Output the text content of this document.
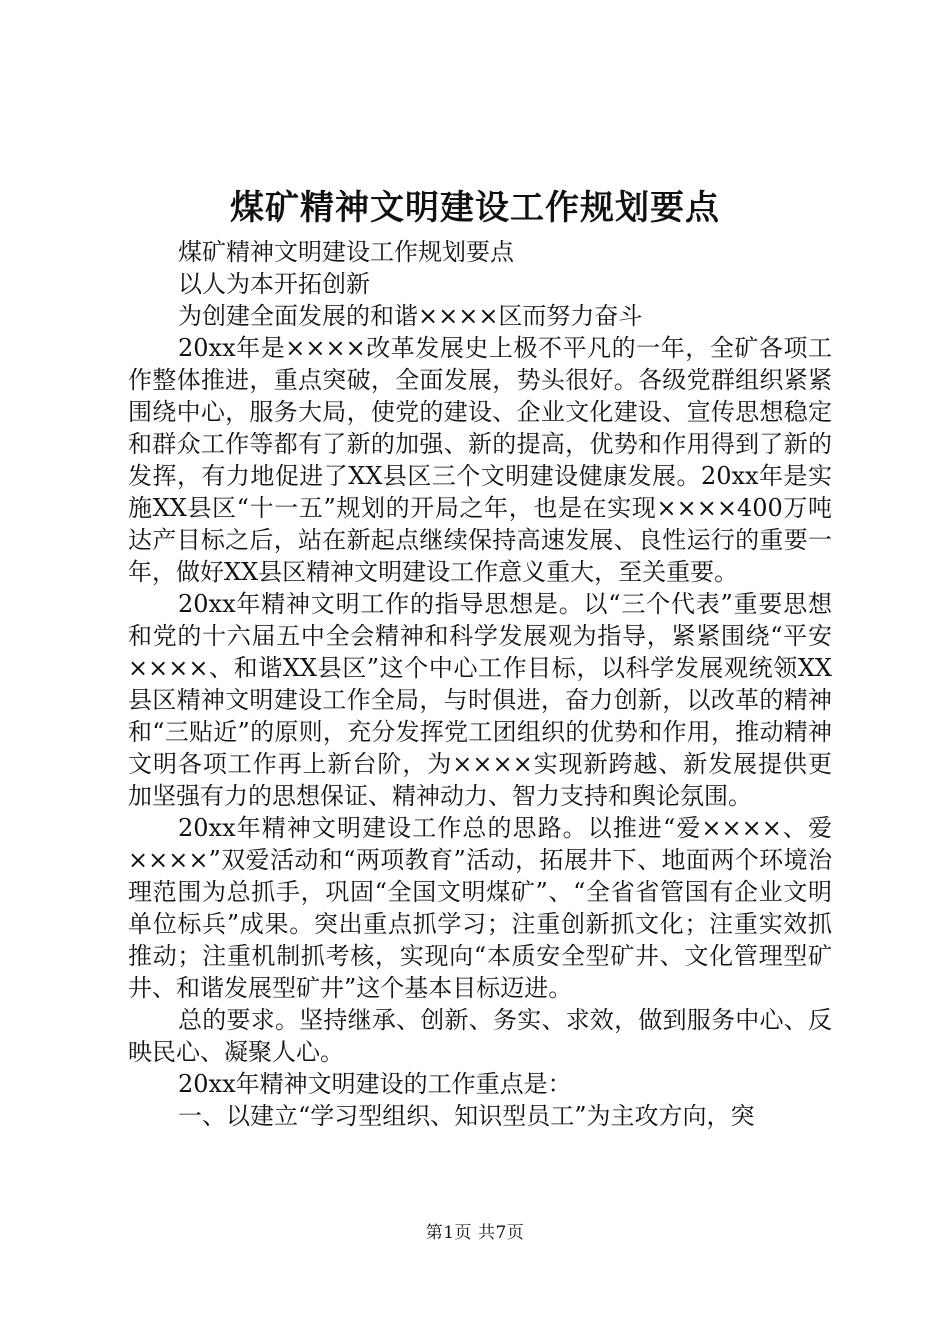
煤矿精神文明建设工作规划要点

煤矿精神文明建设工作规划要点

以人为本开拓创新

为创建全面发展的和谐××××区而努力奋斗

20xx年是××××改革发展史上极不平凡的一年，全矿各项工作整体推进，重点突破，全面发展，势头很好。各级党群组织紧紧围绕中心，服务大局，使党的建设、企业文化建设、宣传思想稳定和群众工作等都有了新的加强、新的提高，优势和作用得到了新的发挥，有力地促进了XX县区三个文明建设健康发展。20xx年是实施XX县区“十一五”规划的开局之年，也是在实现××××400万吨达产目标之后，站在新起点继续保持高速发展、良性运行的重要一年，做好XX县区精神文明建设工作意义重大，至关重要。

20xx年精神文明工作的指导思想是。以“三个代表”重要思想和党的十六届五中全会精神和科学发展观为指导，紧紧围绕“平安××××、和谐XX县区”这个中心工作目标，以科学发展观统领XX县区精神文明建设工作全局，与时俱进，奋力创新，以改革的精神和“三贴近”的原则，充分发挥党工团组织的优势和作用，推动精神文明各项工作再上新台阶，为××××实现新跨越、新发展提供更加坚强有力的思想保证、精神动力、智力支持和舆论氛围。

20xx年精神文明建设工作总的思路。以推进“爱××××、爱××××”双爱活动和“两项教育”活动，拓展井下、地面两个环境治理范围为总抓手，巩固“全国文明煤矿”、“全省省管国有企业文明单位标兵”成果。突出重点抓学习；注重创新抓文化；注重实效抓推动；注重机制抓考核，实现向“本质安全型矿井、文化管理型矿井、和谐发展型矿井”这个基本目标迈进。

总的要求。坚持继承、创新、务实、求效，做到服务中心、反映民心、凝聚人心。

20xx年精神文明建设的工作重点是：

一、以建立“学习型组织、知识型员工”为主攻方向，突

第1页 共7页
